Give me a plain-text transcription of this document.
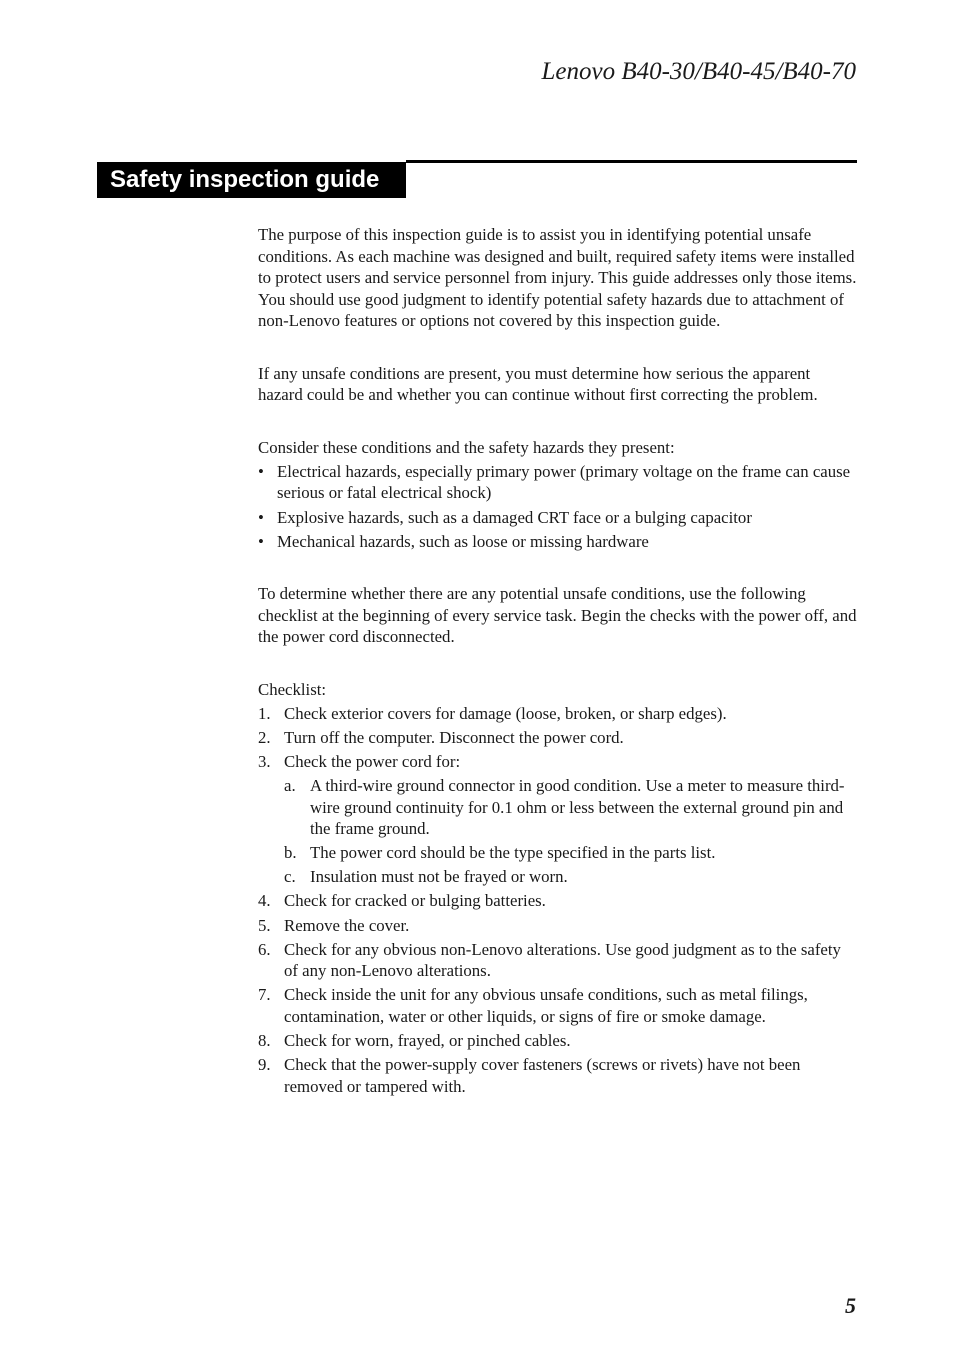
Lenovo B40-30/B40-45/B40-70
Safety inspection guide

The purpose of this inspection guide is to assist you in identifying potential unsafe conditions. As each machine was designed and built, required safety items were installed to protect users and service personnel from injury. This guide addresses only those items. You should use good judgment to identify potential safety hazards due to attachment of non-Lenovo features or options not covered by this inspection guide.

If any unsafe conditions are present, you must determine how serious the apparent hazard could be and whether you can continue without first correcting the problem.

Consider these conditions and the safety hazards they present:

• Electrical hazards, especially primary power (primary voltage on the frame can cause serious or fatal electrical shock)
• Explosive hazards, such as a damaged CRT face or a bulging capacitor
• Mechanical hazards, such as loose or missing hardware

To determine whether there are any potential unsafe conditions, use the following checklist at the beginning of every service task. Begin the checks with the power off, and the power cord disconnected.

Checklist:

1. Check exterior covers for damage (loose, broken, or sharp edges).
2. Turn off the computer. Disconnect the power cord.
3. Check the power cord for:
a. A third-wire ground connector in good condition. Use a meter to measure third-wire ground continuity for 0.1 ohm or less between the external ground pin and the frame ground.
b. The power cord should be the type specified in the parts list.
c. Insulation must not be frayed or worn.
4. Check for cracked or bulging batteries.
5. Remove the cover.
6. Check for any obvious non-Lenovo alterations. Use good judgment as to the safety of any non-Lenovo alterations.
7. Check inside the unit for any obvious unsafe conditions, such as metal filings, contamination, water or other liquids, or signs of fire or smoke damage.
8. Check for worn, frayed, or pinched cables.
9. Check that the power-supply cover fasteners (screws or rivets) have not been removed or tampered with.
5
